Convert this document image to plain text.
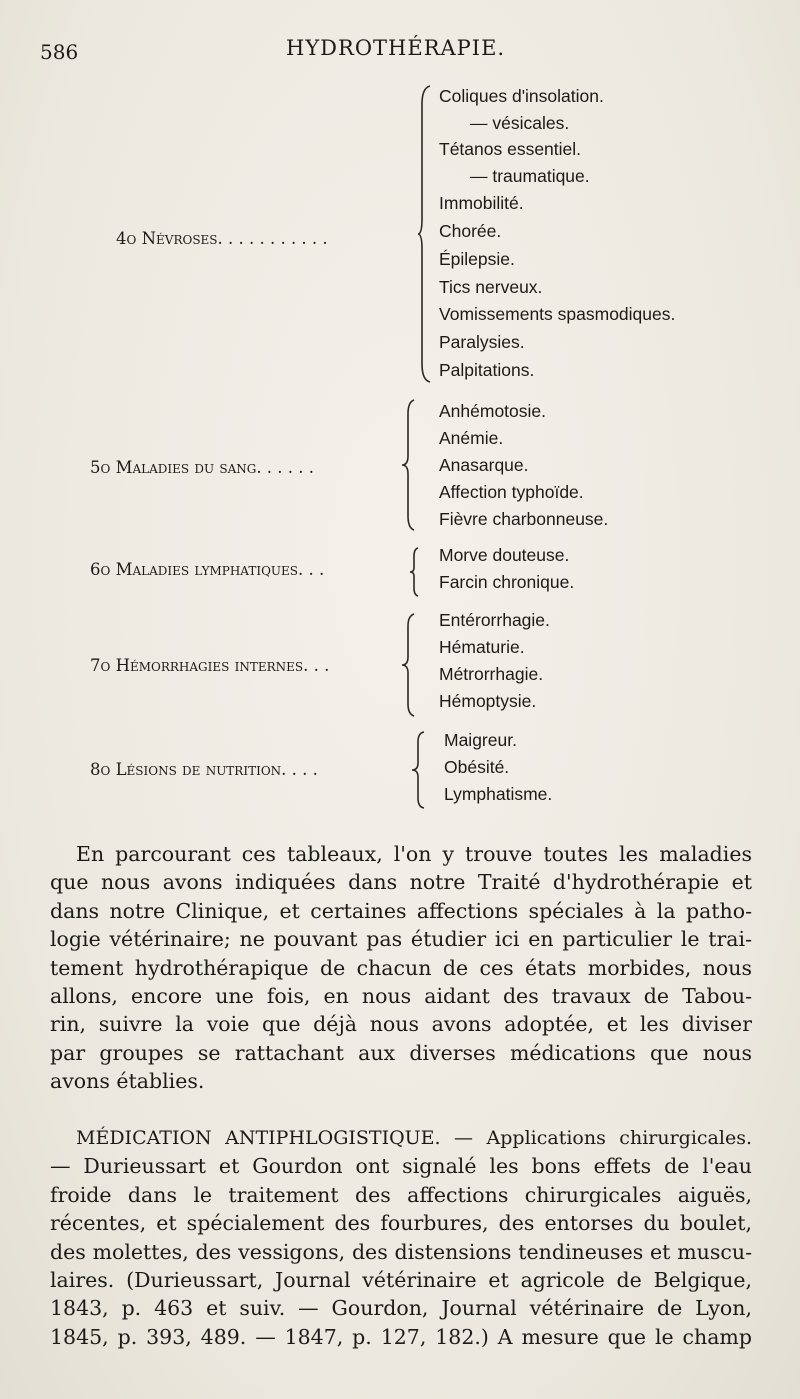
586	HYDROTHÉRAPIE.
4o Névroses. . . . . . . . . . .
Coliques d'insolation.
— vésicales.
Tétanos essentiel.
— traumatique.
Immobilité.
Chorée.
Épilepsie.
Tics nerveux.
Vomissements spasmodiques.
Paralysies.
Palpitations.
5o Maladies du sang. . . . . .
Anhémotosie.
Anémie.
Anasarque.
Affection typhoïde.
Fièvre charbonneuse.
6o Maladies lymphatiques. . .
Morve douteuse.
Farcin chronique.
7o Hémorrhagies internes. . .
Entérorrhagie.
Hématurie.
Métrorrhagie.
Hémoptysie.
8o Lésions de nutrition. . . .
Maigreur.
Obésité.
Lymphatisme.
En parcourant ces tableaux, l'on y trouve toutes les maladies
que nous avons indiquées dans notre Traité d'hydrothérapie et
dans notre Clinique, et certaines affections spéciales à la patho-
logie vétérinaire; ne pouvant pas étudier ici en particulier le trai-
tement hydrothérapique de chacun de ces états morbides, nous
allons, encore une fois, en nous aidant des travaux de Tabou-
rin, suivre la voie que déjà nous avons adoptée, et les diviser
par groupes se rattachant aux diverses médications que nous
avons établies.
MÉDICATION ANTIPHLOGISTIQUE. — Applications chirurgicales.
— Durieussart et Gourdon ont signalé les bons effets de l'eau
froide dans le traitement des affections chirurgicales aiguës,
récentes, et spécialement des fourbures, des entorses du boulet,
des molettes, des vessigons, des distensions tendineuses et muscu-
laires. (Durieussart, Journal vétérinaire et agricole de Belgique,
1843, p. 463 et suiv. — Gourdon, Journal vétérinaire de Lyon,
1845, p. 393, 489. — 1847, p. 127, 182.) A mesure que le champ
